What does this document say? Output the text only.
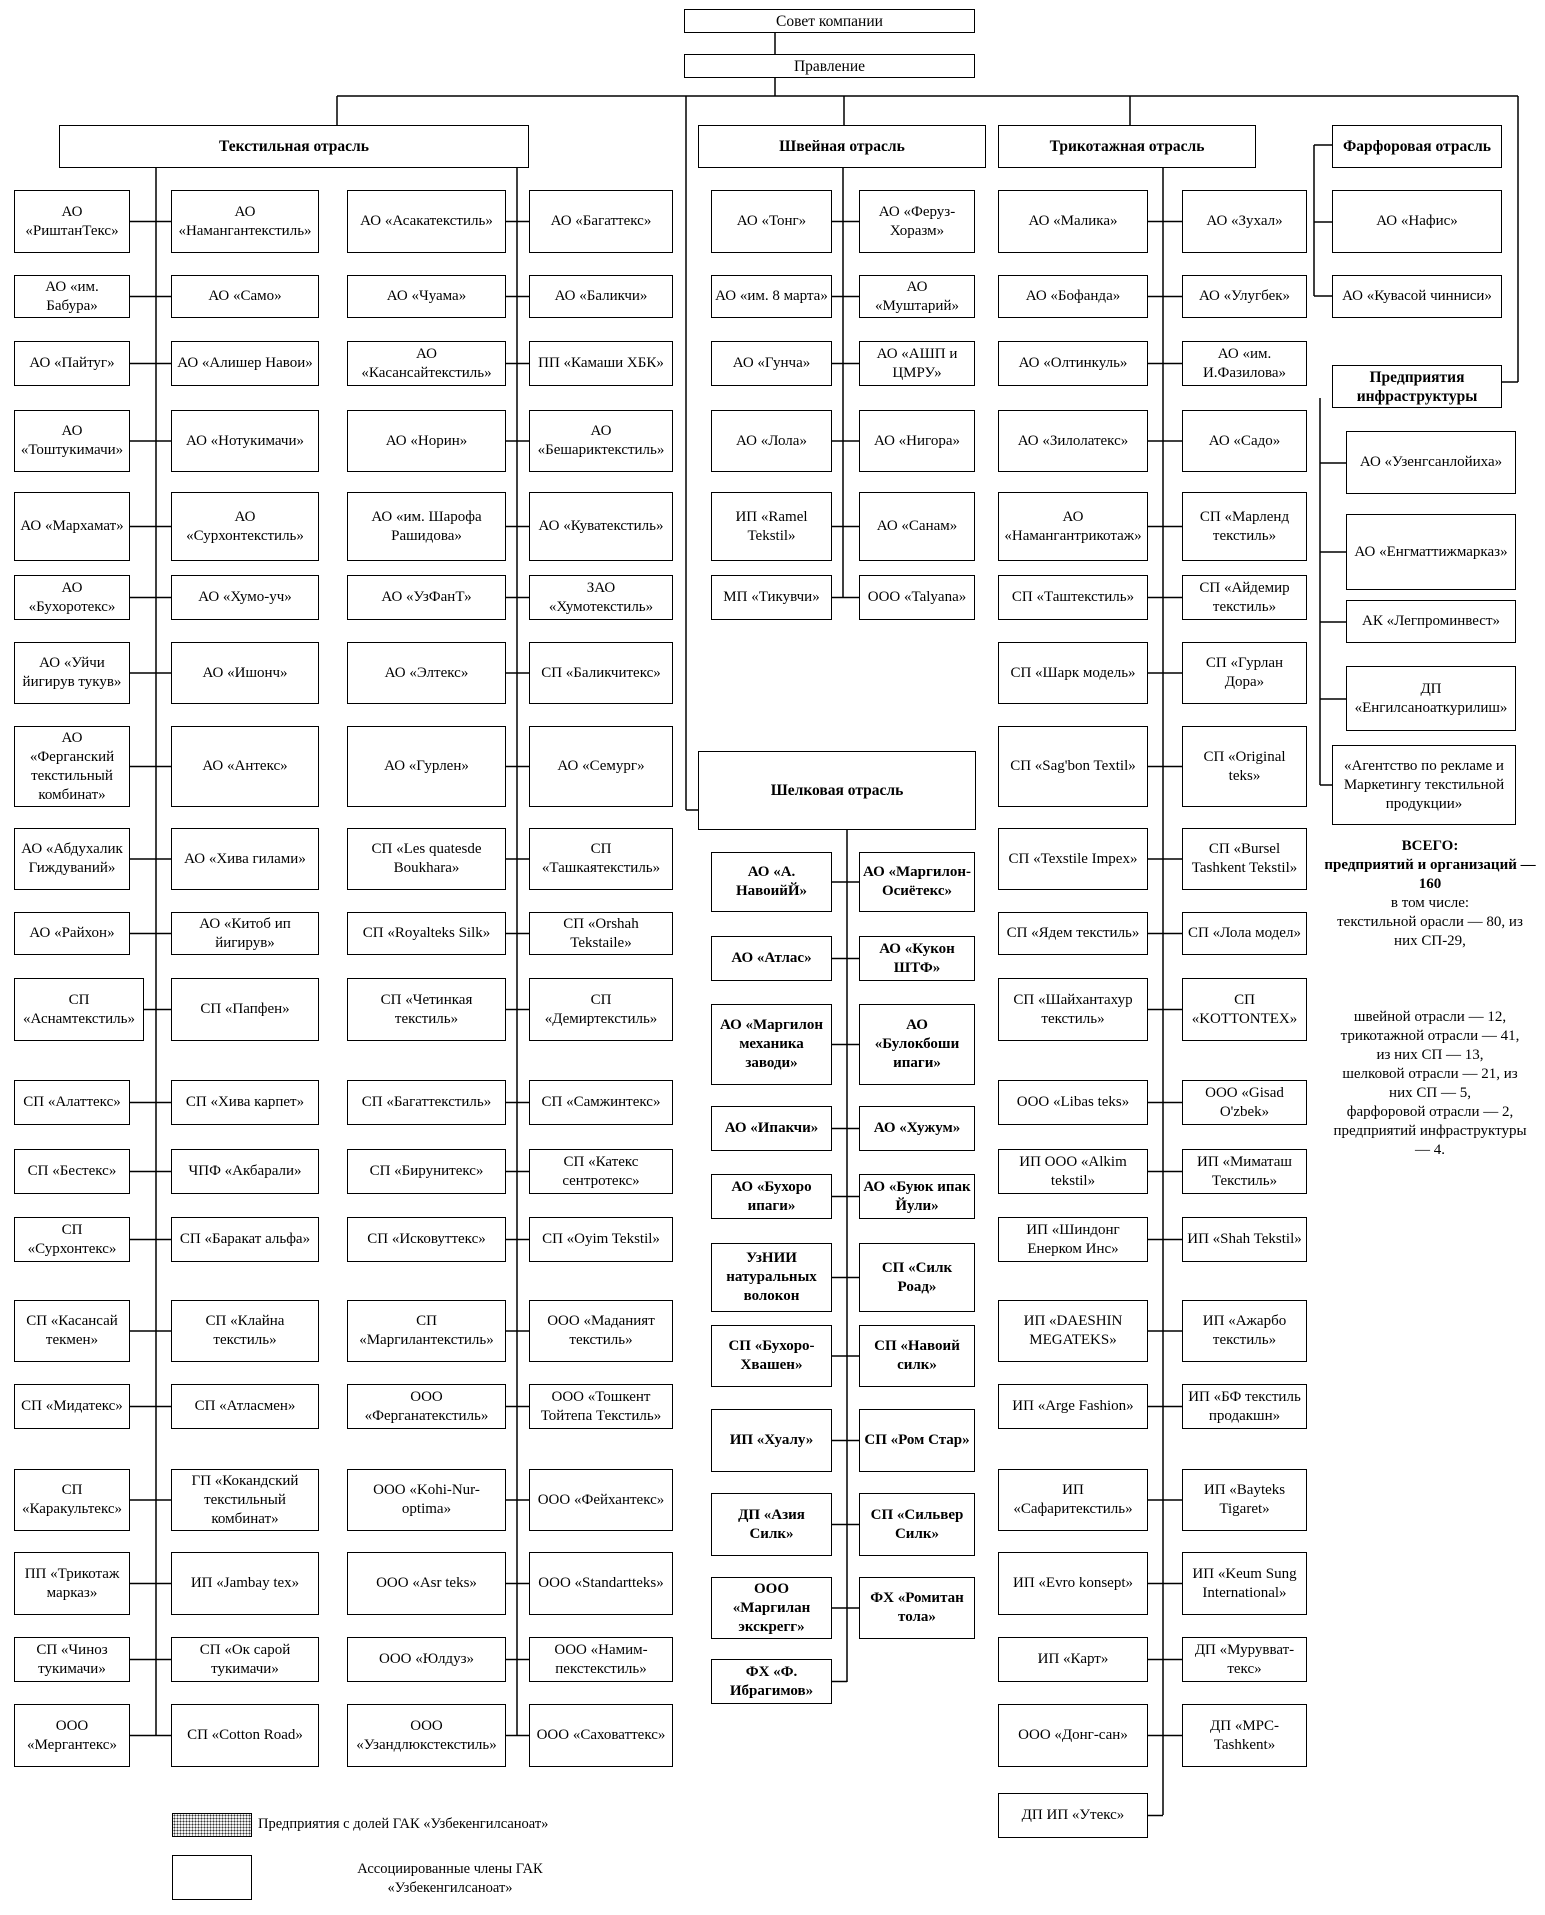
Совет компании
Правление
Текстильная отрасль	Швейная отрасль	Трикотажная отрасль	Фарфоровая отрасль
Шелковая отрасль
Предприятия инфраструктуры
АО «РиштанТекс»
АО «Намангантекстиль»
АО «им. Бабура»
АО «Само»
АО «Пайтуг»	АО «Алишер Навои»
АО «Тоштукимачи»
АО «Нотукимачи»
АО «Мархамат»
АО «Сурхонтекстиль»
АО «Бухоротекс»
АО «Хумо-уч»
АО «Уйчи йигирув тукув»
АО «Ишонч»
АО «Ферганский текстильный комбинат»
АО «Антекс»
АО «Абдухалик Гиждуваний»
АО «Хива гилами»
АО «Райхон»
АО «Китоб ип йигирув»
СП «Аснамтекстиль»
СП «Папфен»
СП «Алаттекс»	СП «Хива карпет»
СП «Бестекс»	ЧПФ «Акбарали»
СП «Сурхонтекс»
СП «Баракат альфа»
СП «Касансай текмен»
СП «Клайна текстиль»
СП «Мидатекс»	СП «Атласмен»
СП «Каракультекс»
ГП «Кокандский текстильный комбинат»
ПП «Трикотаж марказ»
ИП «Jambay tex»
СП «Чиноз тукимачи»
СП «Ок сарой тукимачи»
ООО «Мергантекс»
СП «Cotton Road»
АО «Асакатекстиль»	АО «Багаттекс»
АО «Чуама»	АО «Баликчи»
АО «Касансайтекстиль»
ПП «Камаши ХБК»
АО «Норин»
АО «Бешариктекстиль»
АО «им. Шарофа Рашидова»
АО «Куватекстиль»
АО «УзФанТ»
ЗАО «Хумотекстиль»
АО «Элтекс»	СП «Баликчитекс»
АО «Гурлен»	АО «Семург»
СП «Les quatesde Boukhara»
СП «Ташкаятекстиль»
СП «Royalteks Silk»
СП «Orshah Tekstaile»
СП «Четинкая текстиль»
СП «Демиртекстиль»
СП «Багаттекстиль»	СП «Самжинтекс»
СП «Бирунитекс»
СП «Катекс сентротекс»
СП «Исковуттекс»	СП «Oyim Tekstil»
СП «Маргилантекстиль»
ООО «Маданият текстиль»
ООО «Ферганатекстиль»
ООО «Тошкент Тойтепа Текстиль»
ООО «Kohi-Nur-optima»
ООО «Фейхантекс»
ООО «Asr teks»	ООО «Standartteks»
ООО «Юлдуз»
ООО «Намим-пекстекстиль»
ООО «Узандлюкстекстиль»
ООО «Саховаттекс»
АО «Тонг»
АО «Феруз-Хоразм»
АО «им. 8 марта»
АО «Муштарий»
АО «Гунча»
АО «АШП и ЦМРУ»
АО «Лола»	АО «Нигора»
ИП «Ramel Tekstil»
АО «Санам»
МП «Тикувчи»	ООО «Talyana»
АО «Малика»	АО «Зухал»
АО «Бофанда»	АО «Улугбек»
АО «Олтинкуль»
АО «им. И.Фазилова»
АО «Зилолатекс»	АО «Садо»
АО «Намангантрикотаж»
СП «Марленд текстиль»
СП «Таштекстиль»
СП «Айдемир текстиль»
СП «Шарк модель»
СП «Гурлан Дора»
СП «Sag'bon Textil»
СП «Original teks»
СП «Texstile Impex»
СП «Bursel Tashkent Tekstil»
СП «Ядем текстиль»	СП «Лола модел»
СП «Шайхантахур текстиль»
СП «KOTTONTEX»
ООО «Libas teks»
ООО «Gisad O'zbek»
ИП ООО «Alkim tekstil»
ИП «Миматаш Текстиль»
ИП «Шиндонг Енерком Инс»
ИП «Shah Tekstil»
ИП «DAESHIN MEGATEKS»
ИП «Ажарбо текстиль»
ИП «Arge Fashion»
ИП «БФ текстиль продакшн»
ИП «Сафаритекстиль»
ИП «Bayteks Tigaret»
ИП «Evro konsept»
ИП «Keum Sung International»
ИП «Карт»
ДП «Мурувват-текс»
ООО «Донг-сан»
ДП «MPC-Tashkent»
ДП ИП «Утекс»
АО «А. НавоийЙ»
АО «Маргилон-Осиётекс»
АО «Атлас»
АО «Кукон ШТФ»
АО «Маргилон механика заводи»
АО «Булокбоши ипаги»
АО «Ипакчи»	АО «Хужум»
АО «Бухоро ипаги»
АО «Буюк ипак Йули»
УзНИИ натуральных волокон
СП «Силк Роад»
СП «Бухоро-Хвашен»
СП «Навоий силк»
ИП «Хуалу»	СП «Ром Стар»
ДП «Азия Силк»
СП «Сильвер Силк»
ООО «Маргилан экскрегг»
ФХ «Ромитан тола»
ФХ «Ф. Ибрагимов»
АО «Нафис»
АО «Кувасой чинниси»
АО «Узенгсанлойиха»
АО «Енгматтижмарказ»
АК «Легпроминвест»
ДП «Енгилсаноаткурилиш»
«Агентство по рекламе и Маркетингу текстильной продукции»
ВСЕГО:
предприятий и организаций — 160
в том числе:
текстильной орасли — 80, из
них СП-29,
швейной отрасли — 12,
трикотажной отрасли — 41,
из них СП — 13,
шелковой отрасли — 21, из
них СП — 5,
фарфоровой отрасли — 2,
предприятий инфраструктуры
— 4.
Предприятия с долей ГАК «Узбекенгилсаноат»
Ассоциированные члены ГАК «Узбекенгилсаноат»
